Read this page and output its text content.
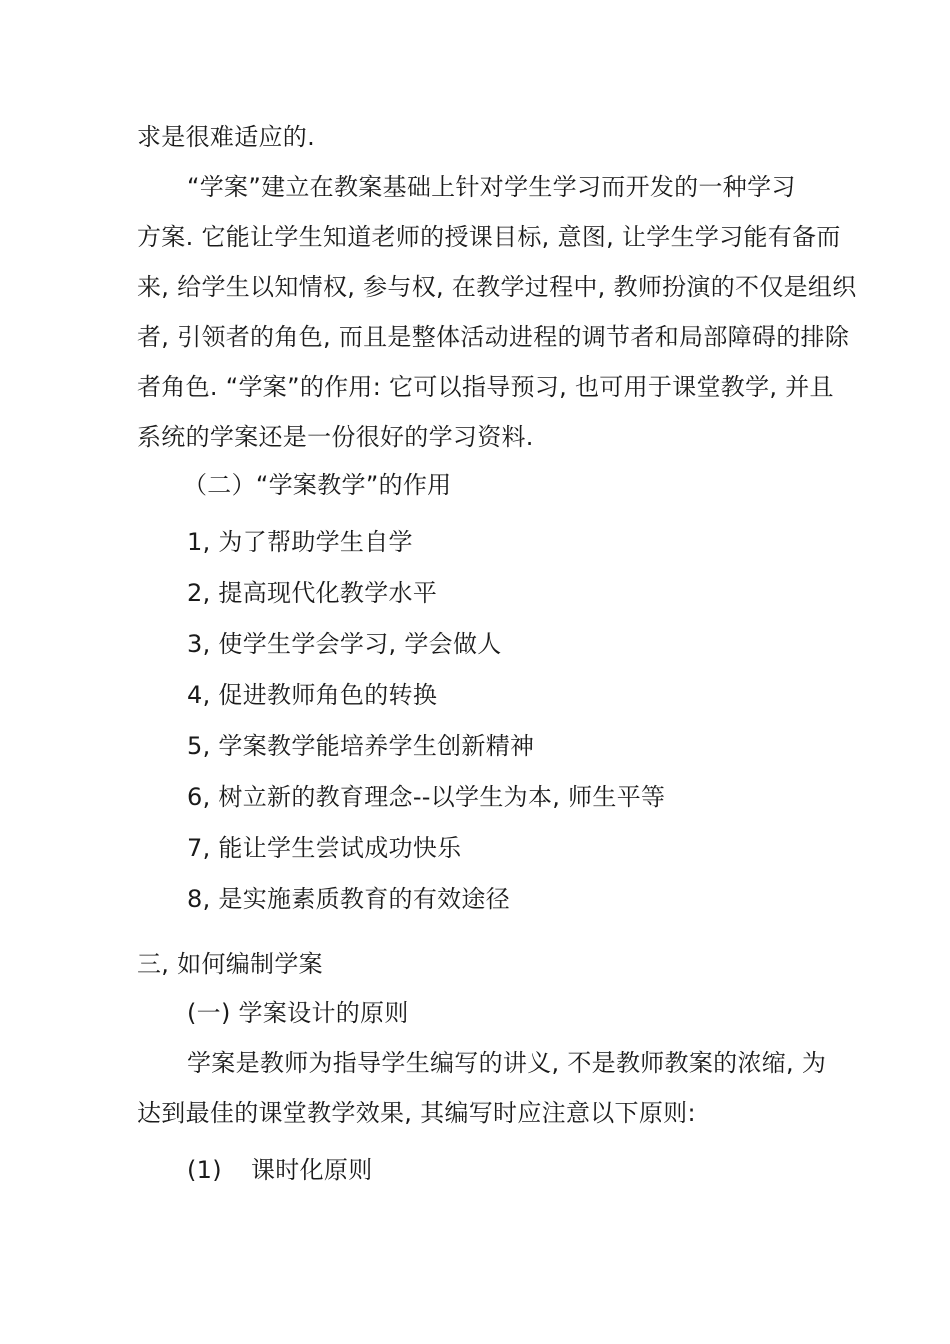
求是很难适应的.
“学案”建立在教案基础上针对学生学习而开发的一种学习
方案. 它能让学生知道老师的授课目标, 意图, 让学生学习能有备而
来, 给学生以知情权, 参与权, 在教学过程中, 教师扮演的不仅是组织
者, 引领者的角色, 而且是整体活动进程的调节者和局部障碍的排除
者角色. “学案”的作用: 它可以指导预习, 也可用于课堂教学, 并且
系统的学案还是一份很好的学习资料.
（二）“学案教学”的作用
1, 为了帮助学生自学
2, 提高现代化教学水平
3, 使学生学会学习, 学会做人
4, 促进教师角色的转换
5, 学案教学能培养学生创新精神
6, 树立新的教育理念--以学生为本, 师生平等
7, 能让学生尝试成功快乐
8, 是实施素质教育的有效途径
三, 如何编制学案
(一) 学案设计的原则
学案是教师为指导学生编写的讲义, 不是教师教案的浓缩, 为
达到最佳的课堂教学效果, 其编写时应注意以下原则:
(1) 课时化原则
